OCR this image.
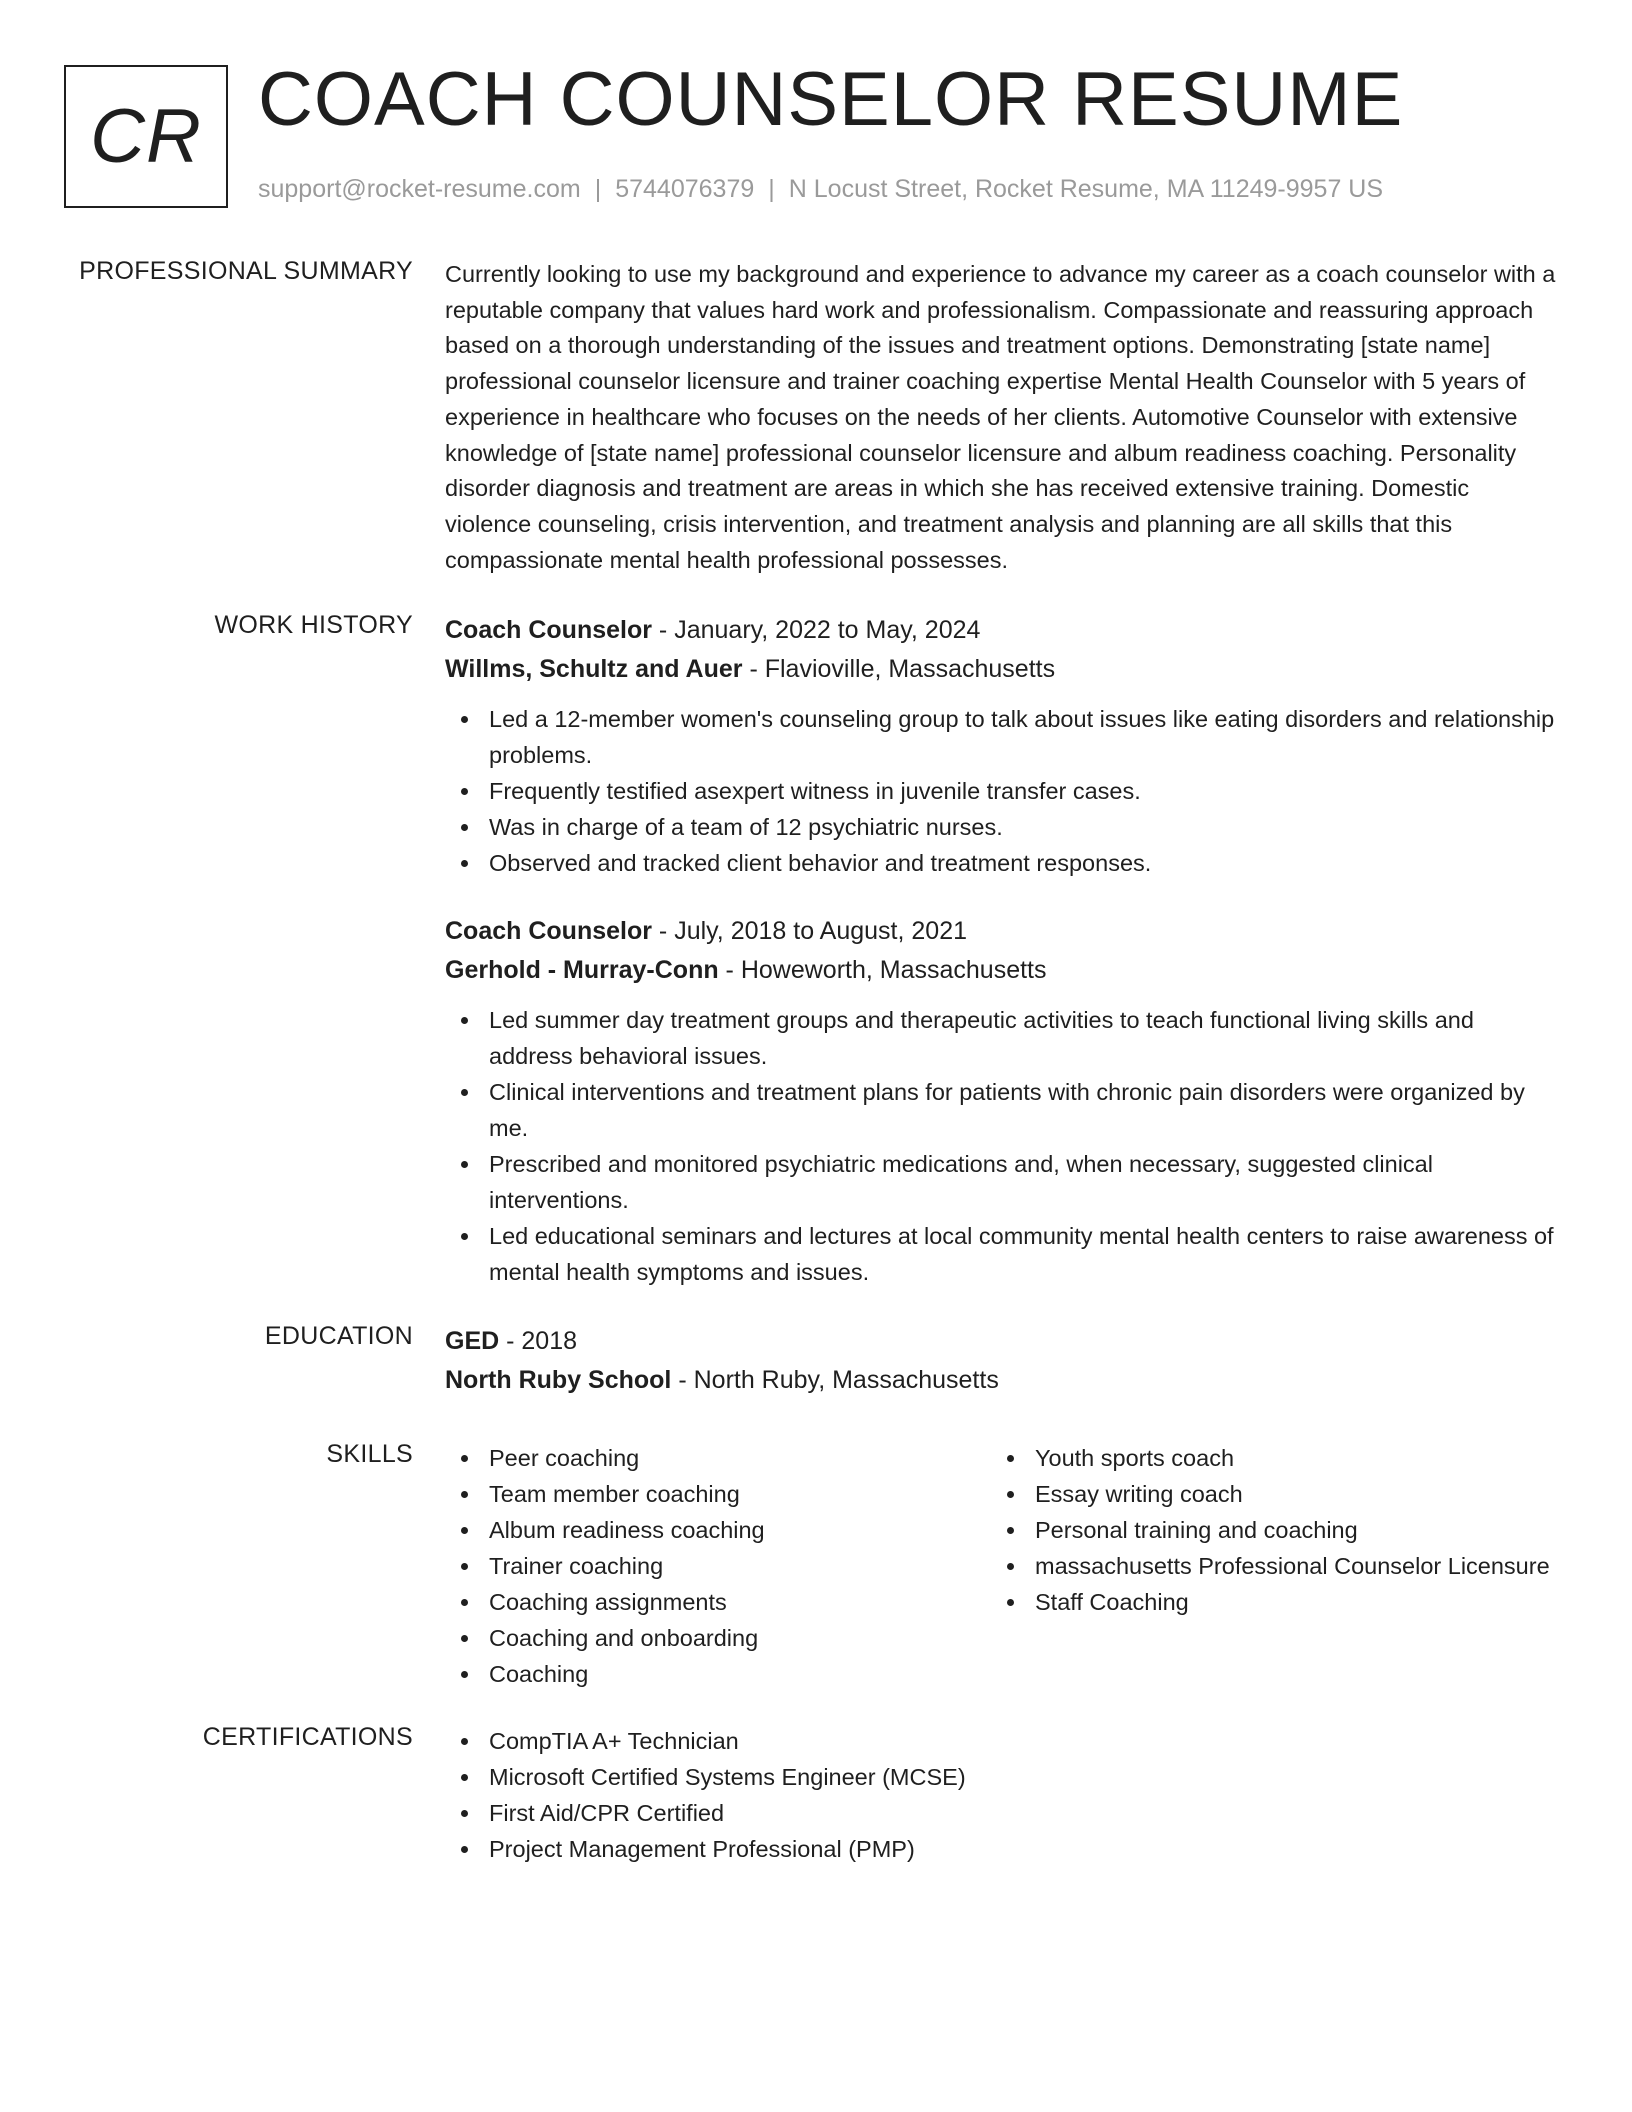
CR COACH COUNSELOR RESUME
support@rocket-resume.com | 5744076379 | N Locust Street, Rocket Resume, MA 11249-9957 US
PROFESSIONAL SUMMARY Currently looking to use my background and experience to advance my career as a coach counselor with a reputable company that values hard work and professionalism. Compassionate and reassuring approach based on a thorough understanding of the issues and treatment options. Demonstrating [state name] professional counselor licensure and trainer coaching expertise Mental Health Counselor with 5 years of experience in healthcare who focuses on the needs of her clients. Automotive Counselor with extensive knowledge of [state name] professional counselor licensure and album readiness coaching. Personality disorder diagnosis and treatment are areas in which she has received extensive training. Domestic violence counseling, crisis intervention, and treatment analysis and planning are all skills that this compassionate mental health professional possesses.
WORK HISTORY Coach Counselor - January, 2022 to May, 2024
Willms, Schultz and Auer - Flavioville, Massachusetts
Led a 12-member women's counseling group to talk about issues like eating disorders and relationship problems.
Frequently testified asexpert witness in juvenile transfer cases.
Was in charge of a team of 12 psychiatric nurses.
Observed and tracked client behavior and treatment responses.
Coach Counselor - July, 2018 to August, 2021
Gerhold - Murray-Conn - Howeworth, Massachusetts
Led summer day treatment groups and therapeutic activities to teach functional living skills and address behavioral issues.
Clinical interventions and treatment plans for patients with chronic pain disorders were organized by me.
Prescribed and monitored psychiatric medications and, when necessary, suggested clinical interventions.
Led educational seminars and lectures at local community mental health centers to raise awareness of mental health symptoms and issues.
EDUCATION GED - 2018
North Ruby School - North Ruby, Massachusetts
SKILLS	Peer coaching
Team member coaching
Album readiness coaching
Trainer coaching
Coaching assignments
Coaching and onboarding
Coaching
Youth sports coach
Essay writing coach
Personal training and coaching
massachusetts Professional Counselor Licensure
Staff Coaching
CERTIFICATIONS	CompTIA A+ Technician
Microsoft Certified Systems Engineer (MCSE)
First Aid/CPR Certified
Project Management Professional (PMP)
